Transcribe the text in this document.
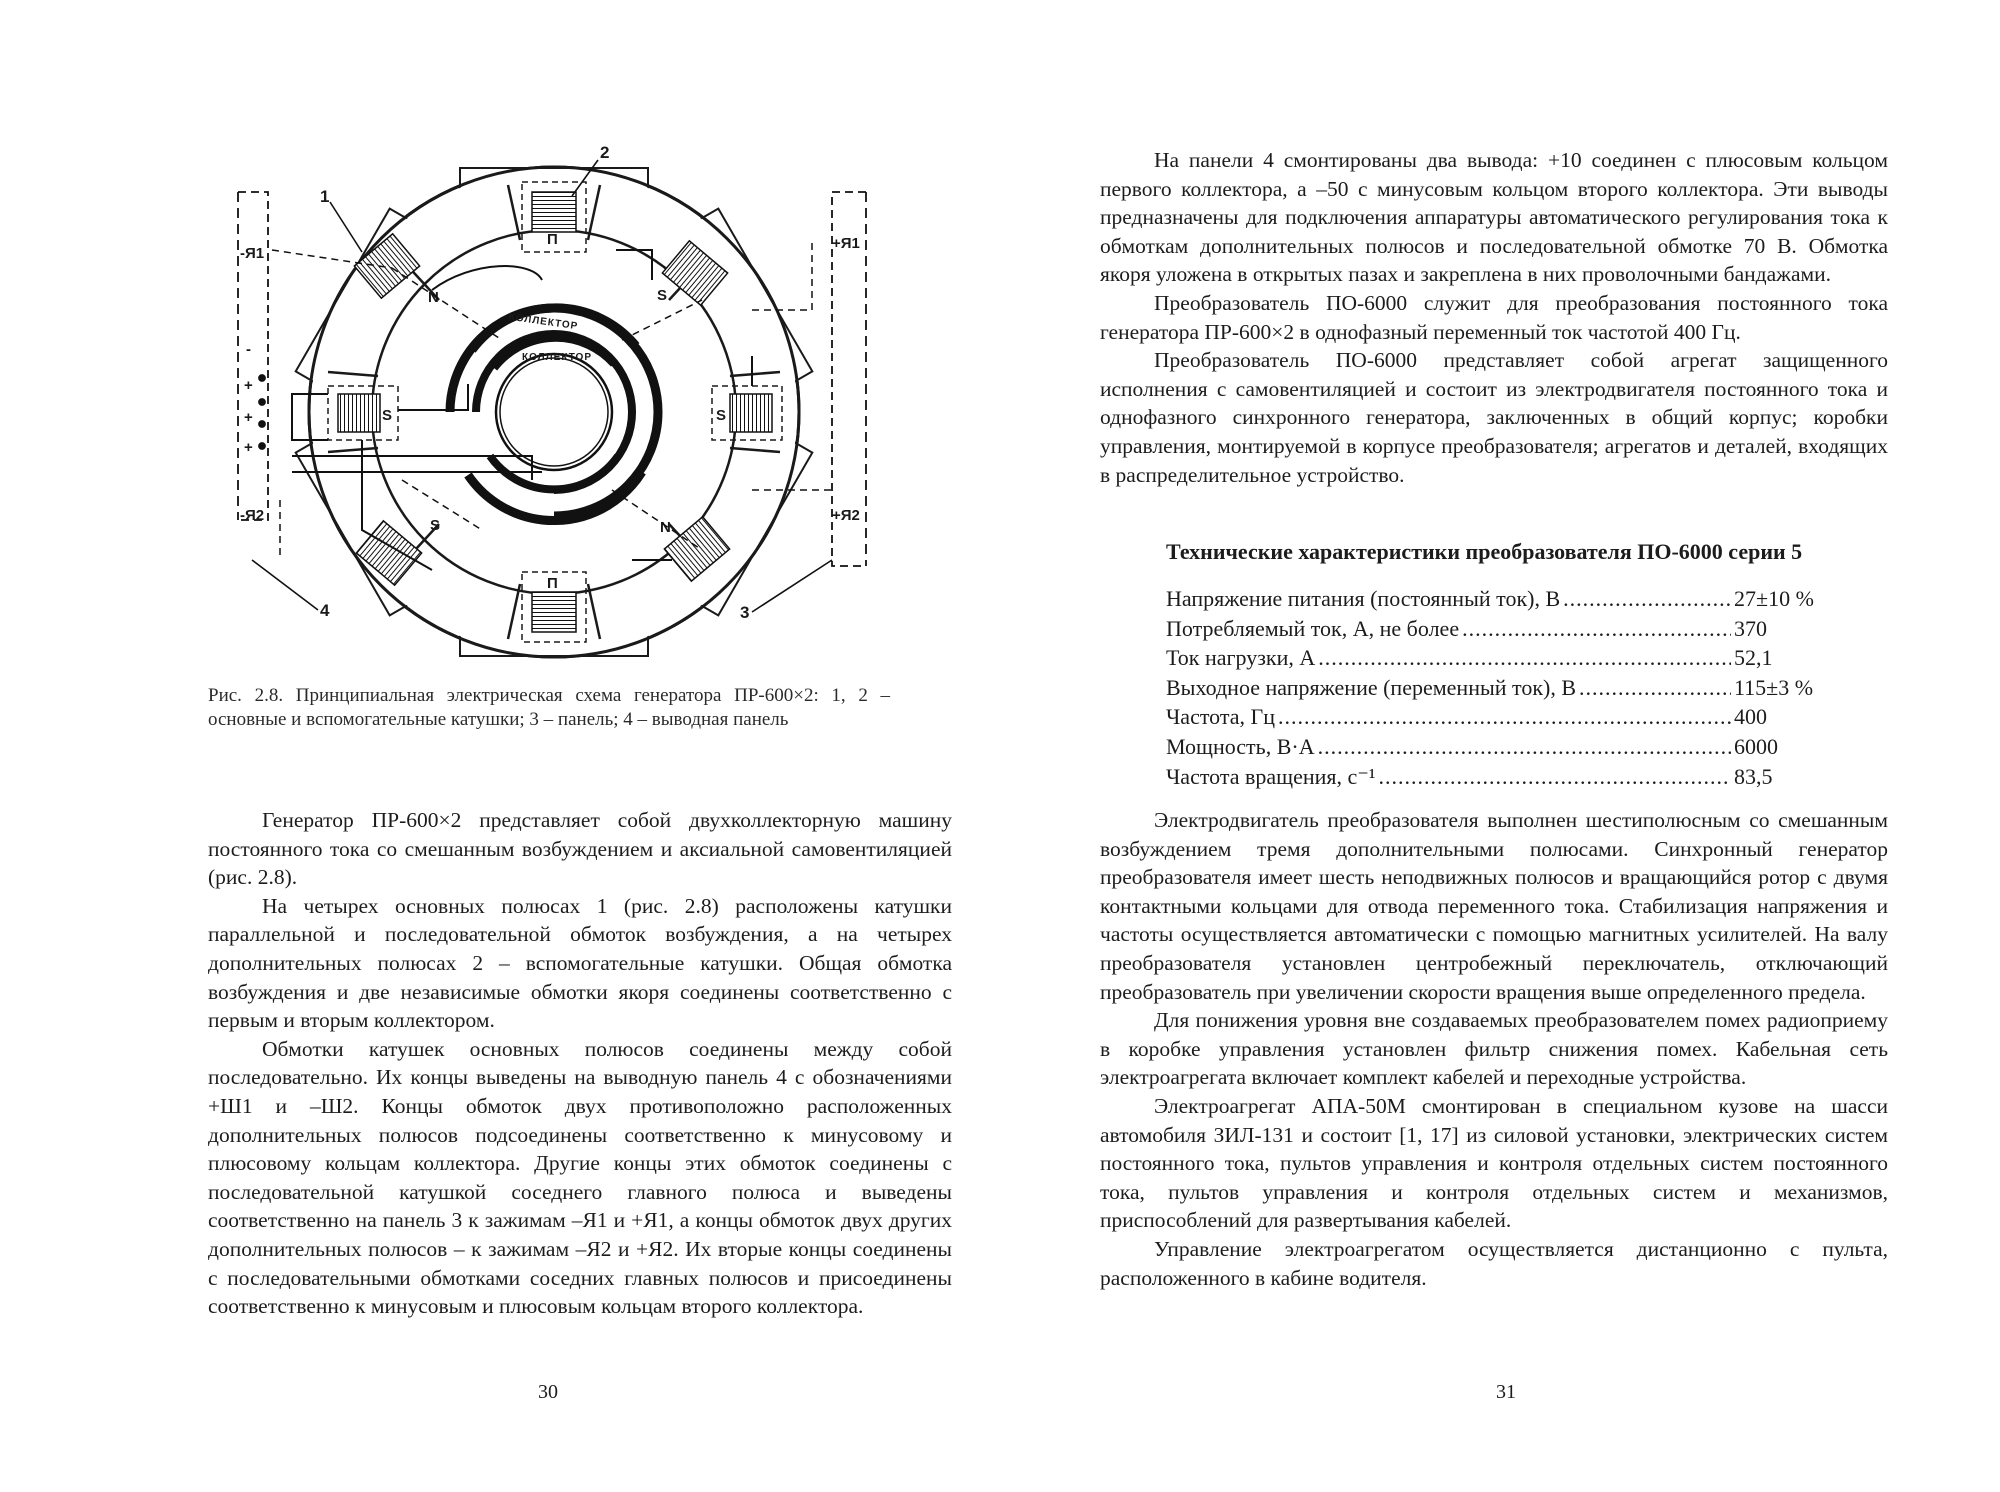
П
П
S	S
S
S
N
N
КОЛЛЕКТОР
КОЛЛЕКТОР
-Я1
-Я2
-
+
+
+
+Я1
+Я2
1
2
3
4
Рис. 2.8. Принципиальная электрическая схема генератора ПР-600×2: 1, 2 – основные и вспомогательные катушки; 3 – панель; 4 – выводная панель

Генератор ПР-600×2 представляет собой двухколлекторную машину постоянного тока со смешанным возбуждением и аксиальной самовентиляцией (рис. 2.8).

На четырех основных полюсах 1 (рис. 2.8) расположены катушки параллельной и последовательной обмоток возбуждения, а на четырех дополнительных полюсах 2 – вспомогательные катушки. Общая обмотка возбуждения и две независимые обмотки якоря соединены соответственно с первым и вторым коллектором.

Обмотки катушек основных полюсов соединены между собой последовательно. Их концы выведены на выводную панель 4 с обозначениями +Ш1 и –Ш2. Концы обмоток двух противоположно расположенных дополнительных полюсов подсоединены соответственно к минусовому и плюсовому кольцам коллектора. Другие концы этих обмоток соединены с последовательной катушкой соседнего главного полюса и выведены соответственно на панель 3 к зажимам –Я1 и +Я1, а концы обмоток двух других дополнительных полюсов – к зажимам –Я2 и +Я2. Их вторые концы соединены с последовательными обмотками соседних главных полюсов и присоединены соответственно к минусовым и плюсовым кольцам второго коллектора.

30

На панели 4 смонтированы два вывода: +10 соединен с плюсовым кольцом первого коллектора, а –50 с минусовым кольцом второго коллектора. Эти выводы предназначены для подключения аппаратуры автоматического регулирования тока к обмоткам дополнительных полюсов и последовательной обмотке 70 В. Обмотка якоря уложена в открытых пазах и закреплена в них проволочными бандажами.

Преобразователь ПО-6000 служит для преобразования постоянного тока генератора ПР-600×2 в однофазный переменный ток частотой 400 Гц.

Преобразователь ПО-6000 представляет собой агрегат защищенного исполнения с самовентиляцией и состоит из электродвигателя постоянного тока и однофазного синхронного генератора, заключенных в общий корпус; коробки управления, монтируемой в корпусе преобразователя; агрегатов и деталей, входящих в распределительное устройство.

Технические характеристики преобразователя ПО-6000 серии 5
Напряжение питания (постоянный ток), В .....	27±10 %
Потребляемый ток, А, не более .....	370
Ток нагрузки, А .....	52,1
Выходное напряжение (переменный ток), В .....	115±3 %
Частота, Гц .....	400
Мощность, В·А .....	6000
Частота вращения, с⁻¹ .....	83,5

Электродвигатель преобразователя выполнен шестиполюсным со смешанным возбуждением тремя дополнительными полюсами. Синхронный генератор преобразователя имеет шесть неподвижных полюсов и вращающийся ротор с двумя контактными кольцами для отвода переменного тока. Стабилизация напряжения и частоты осуществляется автоматически с помощью магнитных усилителей. На валу преобразователя установлен центробежный переключатель, отключающий преобразователь при увеличении скорости вращения выше определенного предела.

Для понижения уровня вне создаваемых преобразователем помех радиоприему в коробке управления установлен фильтр снижения помех. Кабельная сеть электроагрегата включает комплект кабелей и переходные устройства.

Электроагрегат АПА-50М смонтирован в специальном кузове на шасси автомобиля ЗИЛ-131 и состоит [1, 17] из силовой установки, электрических систем постоянного тока, пультов управления и контроля отдельных систем постоянного тока, пультов управления и контроля отдельных систем и механизмов, приспособлений для развертывания кабелей.

Управление электроагрегатом осуществляется дистанционно с пульта, расположенного в кабине водителя.

31
